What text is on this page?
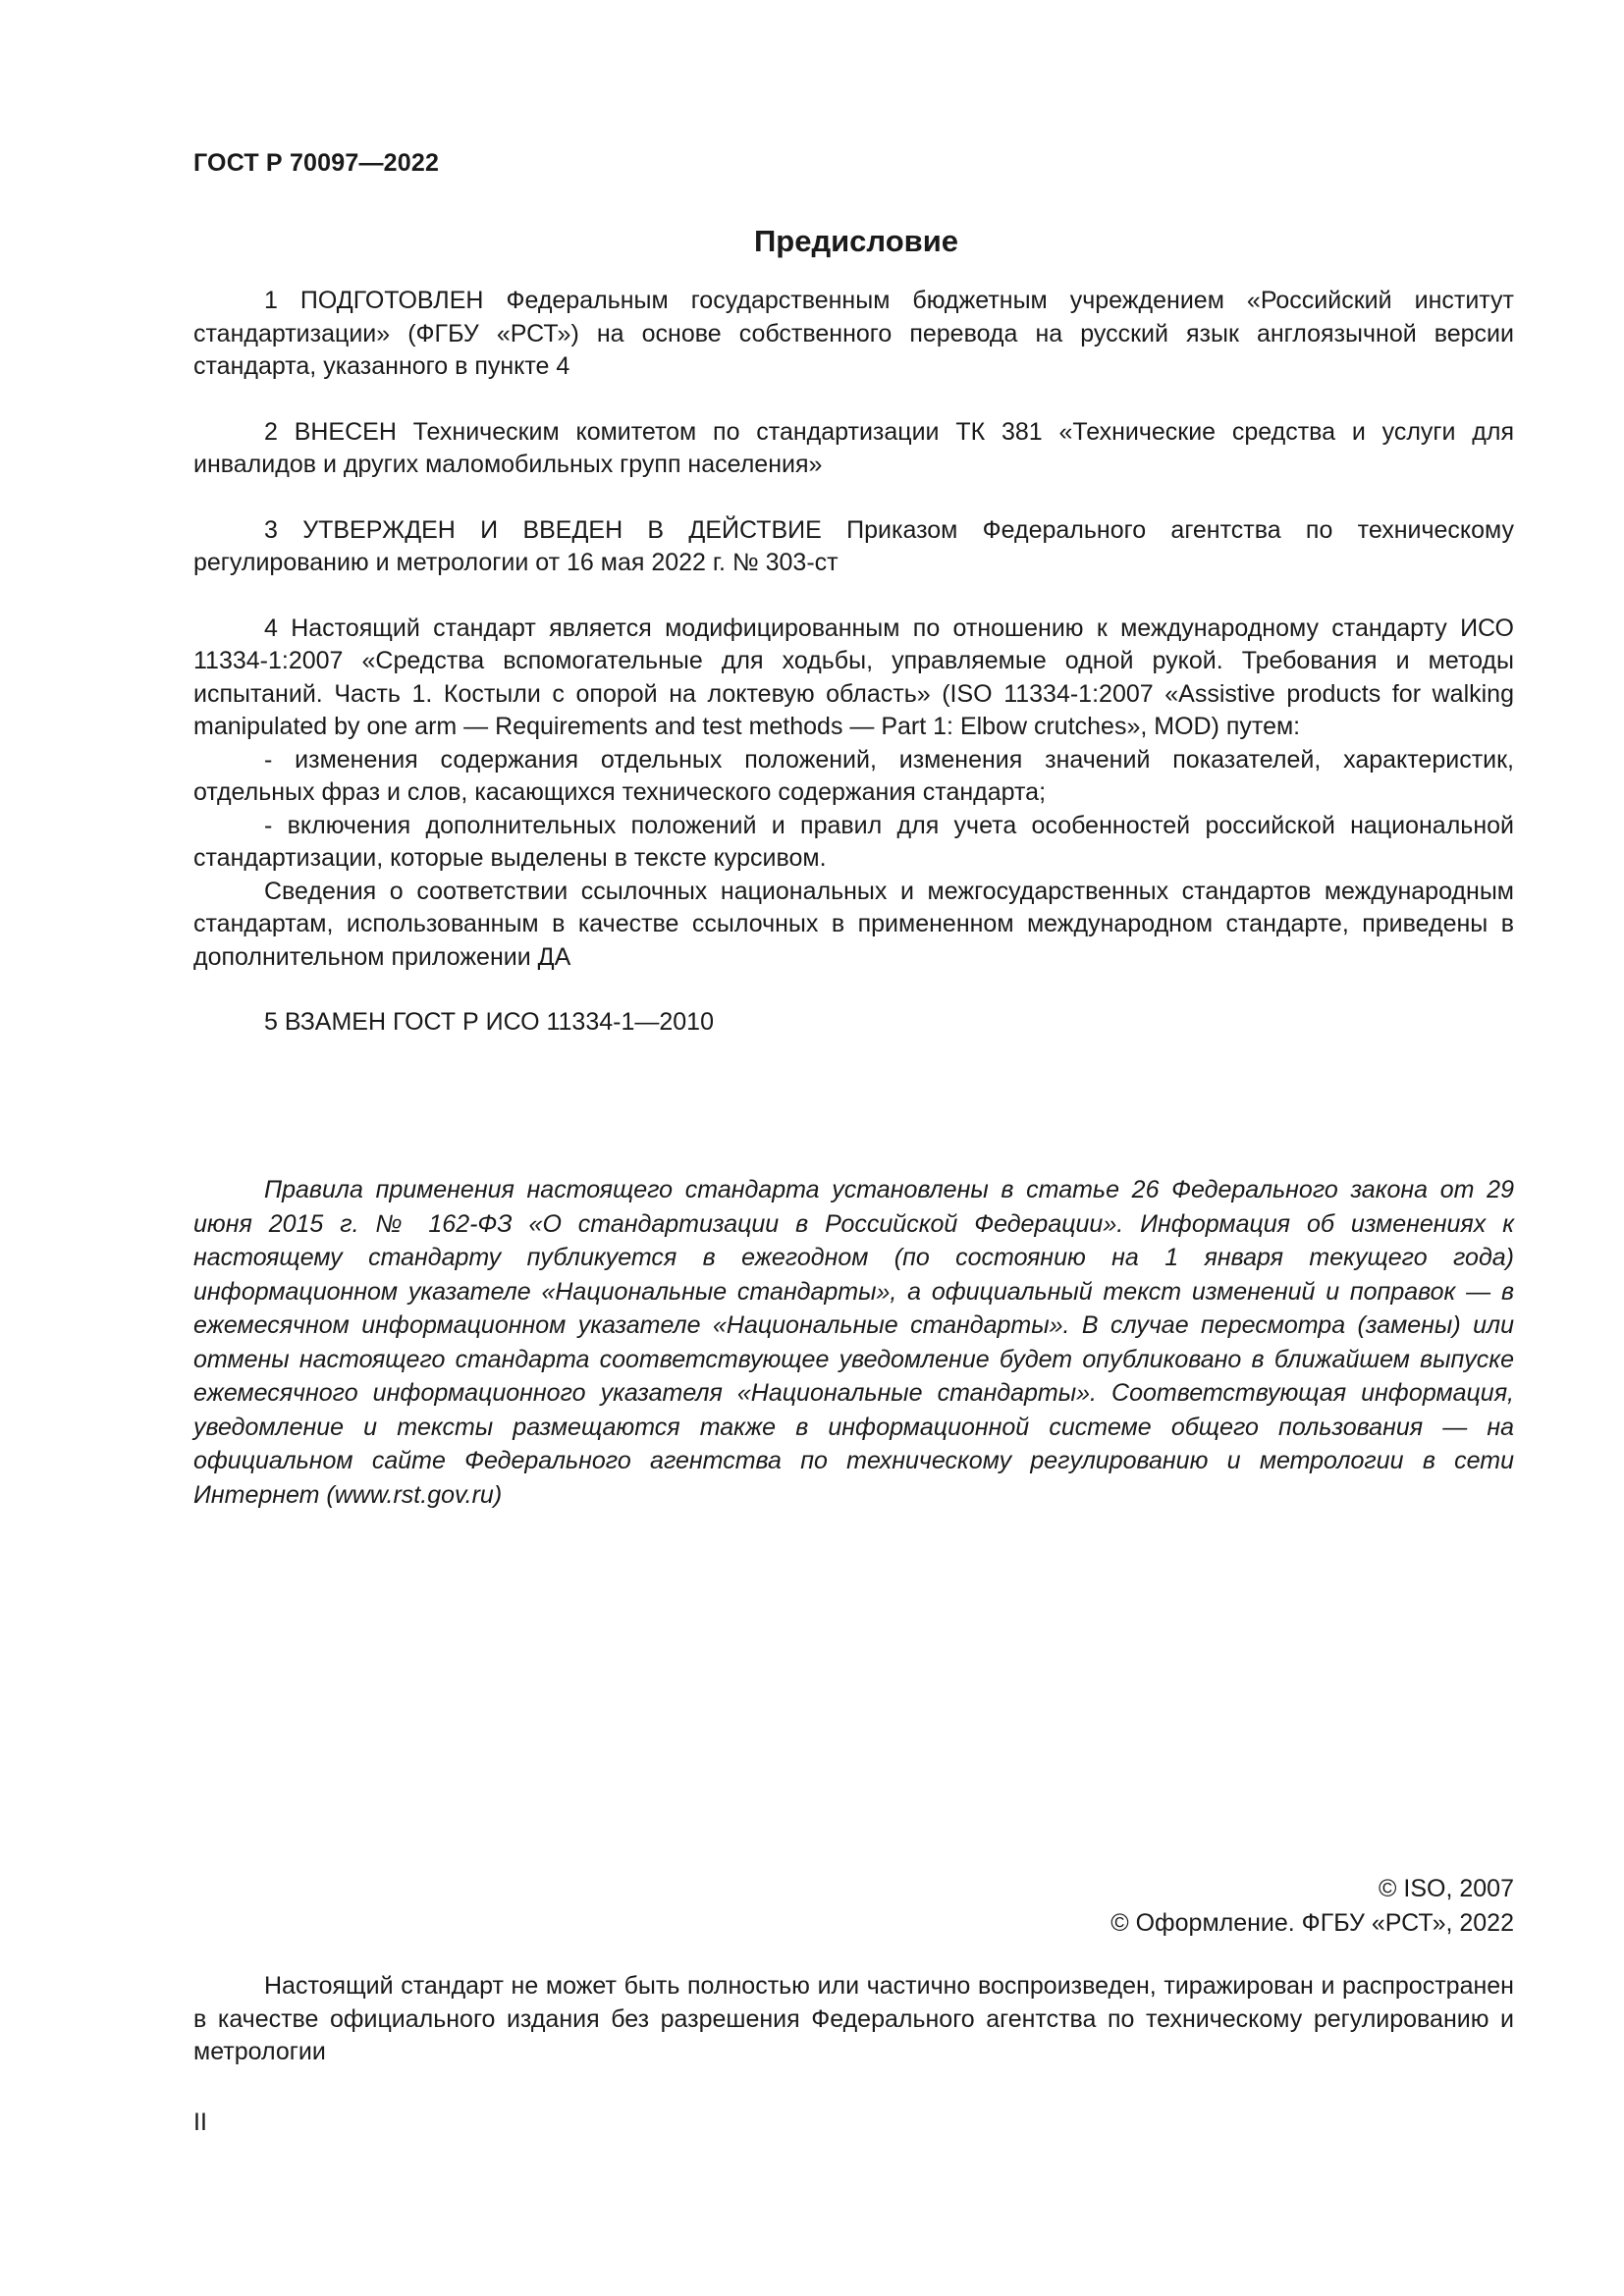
ГОСТ Р 70097—2022
Предисловие

1 ПОДГОТОВЛЕН Федеральным государственным бюджетным учреждением «Российский институт стандартизации» (ФГБУ «РСТ») на основе собственного перевода на русский язык англоязычной версии стандарта, указанного в пункте 4

2 ВНЕСЕН Техническим комитетом по стандартизации ТК 381 «Технические средства и услуги для инвалидов и других маломобильных групп населения»

3 УТВЕРЖДЕН И ВВЕДЕН В ДЕЙСТВИЕ Приказом Федерального агентства по техническому регулированию и метрологии от 16 мая 2022 г. № 303-ст

4 Настоящий стандарт является модифицированным по отношению к международному стандарту ИСО 11334-1:2007 «Средства вспомогательные для ходьбы, управляемые одной рукой. Требования и методы испытаний. Часть 1. Костыли с опорой на локтевую область» (ISO 11334-1:2007 «Assistive products for walking manipulated by one arm — Requirements and test methods — Part 1: Elbow crutches», MOD) путем:

- изменения содержания отдельных положений, изменения значений показателей, характеристик, отдельных фраз и слов, касающихся технического содержания стандарта;

- включения дополнительных положений и правил для учета особенностей российской национальной стандартизации, которые выделены в тексте курсивом.

Сведения о соответствии ссылочных национальных и межгосударственных стандартов международным стандартам, использованным в качестве ссылочных в примененном международном стандарте, приведены в дополнительном приложении ДА

5 ВЗАМЕН ГОСТ Р ИСО 11334-1—2010

Правила применения настоящего стандарта установлены в статье 26 Федерального закона от 29 июня 2015 г. № 162-ФЗ «О стандартизации в Российской Федерации». Информация об изменениях к настоящему стандарту публикуется в ежегодном (по состоянию на 1 января текущего года) информационном указателе «Национальные стандарты», а официальный текст изменений и поправок — в ежемесячном информационном указателе «Национальные стандарты». В случае пересмотра (замены) или отмены настоящего стандарта соответствующее уведомление будет опубликовано в ближайшем выпуске ежемесячного информационного указателя «Национальные стандарты». Соответствующая информация, уведомление и тексты размещаются также в информационной системе общего пользования — на официальном сайте Федерального агентства по техническому регулированию и метрологии в сети Интернет (www.rst.gov.ru)

© ISO, 2007
© Оформление. ФГБУ «РСТ», 2022

Настоящий стандарт не может быть полностью или частично воспроизведен, тиражирован и распространен в качестве официального издания без разрешения Федерального агентства по техническому регулированию и метрологии

II
